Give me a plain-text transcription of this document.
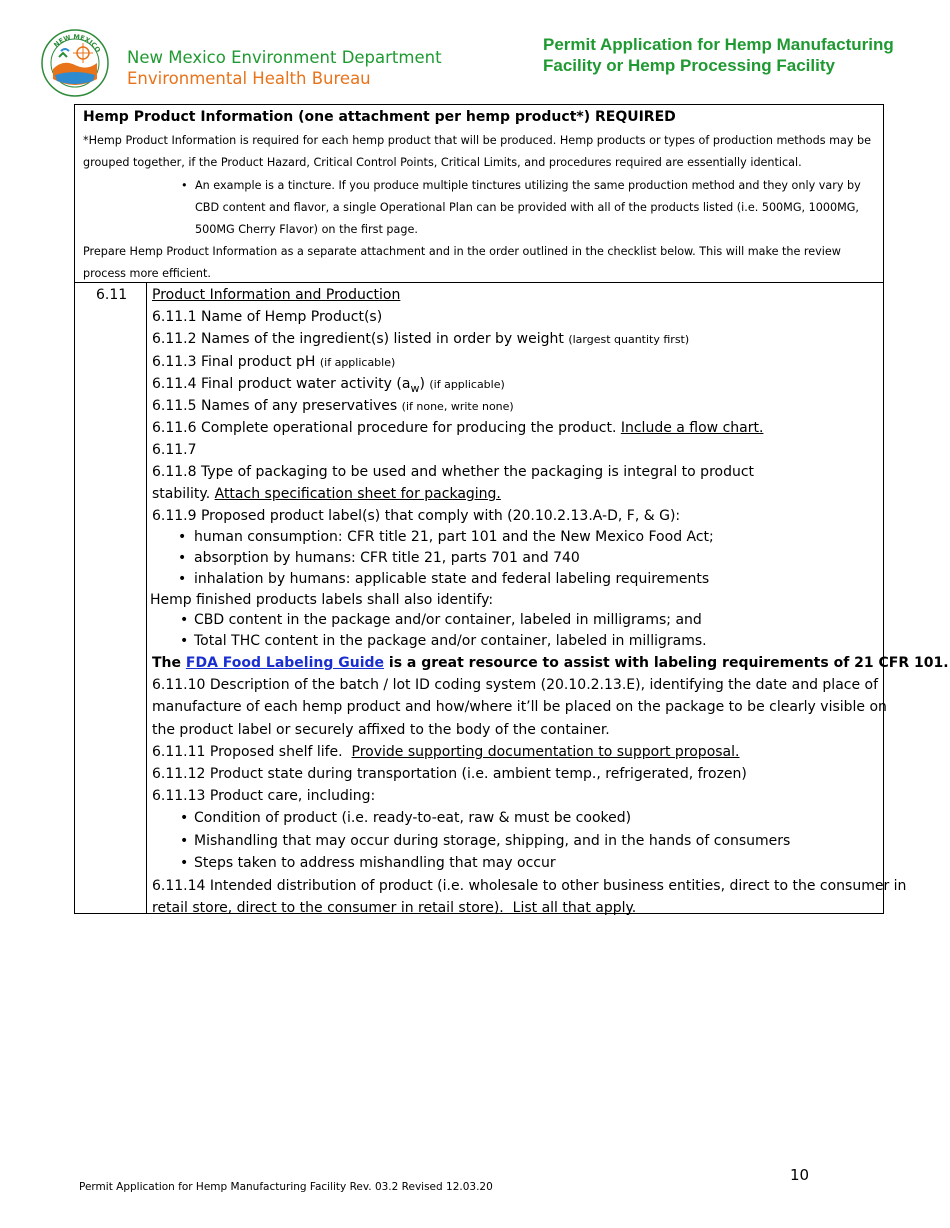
NEW MEXICO New Mexico Environment Department
Environmental Health Bureau
Permit Application for Hemp Manufacturing Facility or Hemp Processing Facility
Hemp Product Information (one attachment per hemp product*) REQUIRED
*Hemp Product Information is required for each hemp product that will be produced. Hemp products or types of production methods may be grouped together, if the Product Hazard, Critical Control Points, Critical Limits, and procedures required are essentially identical.
• An example is a tincture. If you produce multiple tinctures utilizing the same production method and they only vary by CBD content and flavor, a single Operational Plan can be provided with all of the products listed (i.e. 500MG, 1000MG, 500MG Cherry Flavor) on the first page.
Prepare Hemp Product Information as a separate attachment and in the order outlined in the checklist below. This will make the review process more efficient.
6.11 Product Information and Production
6.11.1 Name of Hemp Product(s)
6.11.2 Names of the ingredient(s) listed in order by weight (largest quantity first)
6.11.3 Final product pH (if applicable)
6.11.4 Final product water activity $(a_w)$ (if applicable)
6.11.5 Names of any preservatives (if none, write none)
6.11.6 Complete operational procedure for producing the product. Include a flow chart.
6.11.7
6.11.8 Type of packaging to be used and whether the packaging is integral to product
stability. Attach specification sheet for packaging.
6.11.9 Proposed product label(s) that comply with (20.10.2.13.A-D, F, & G):
• human consumption: CFR title 21, part 101 and the New Mexico Food Act;
• absorption by humans: CFR title 21, parts 701 and 740
• inhalation by humans: applicable state and federal labeling requirements
Hemp finished products labels shall also identify:
• CBD content in the package and/or container, labeled in milligrams; and
• Total THC content in the package and/or container, labeled in milligrams.
The FDA Food Labeling Guide is a great resource to assist with labeling requirements of 21 CFR 101.
6.11.10 Description of the batch / lot ID coding system (20.10.2.13.E), identifying the date and place of
manufacture of each hemp product and how/where it’ll be placed on the package to be clearly visible on
the product label or securely affixed to the body of the container.
6.11.11 Proposed shelf life. Provide supporting documentation to support proposal.
6.11.12 Product state during transportation (i.e. ambient temp., refrigerated, frozen)
6.11.13 Product care, including:
• Condition of product (i.e. ready-to-eat, raw & must be cooked)
• Mishandling that may occur during storage, shipping, and in the hands of consumers
• Steps taken to address mishandling that may occur
6.11.14 Intended distribution of product (i.e. wholesale to other business entities, direct to the consumer in
retail store, direct to the consumer in retail store). List all that apply.
10
Permit Application for Hemp Manufacturing Facility Rev. 03.2 Revised 12.03.20
